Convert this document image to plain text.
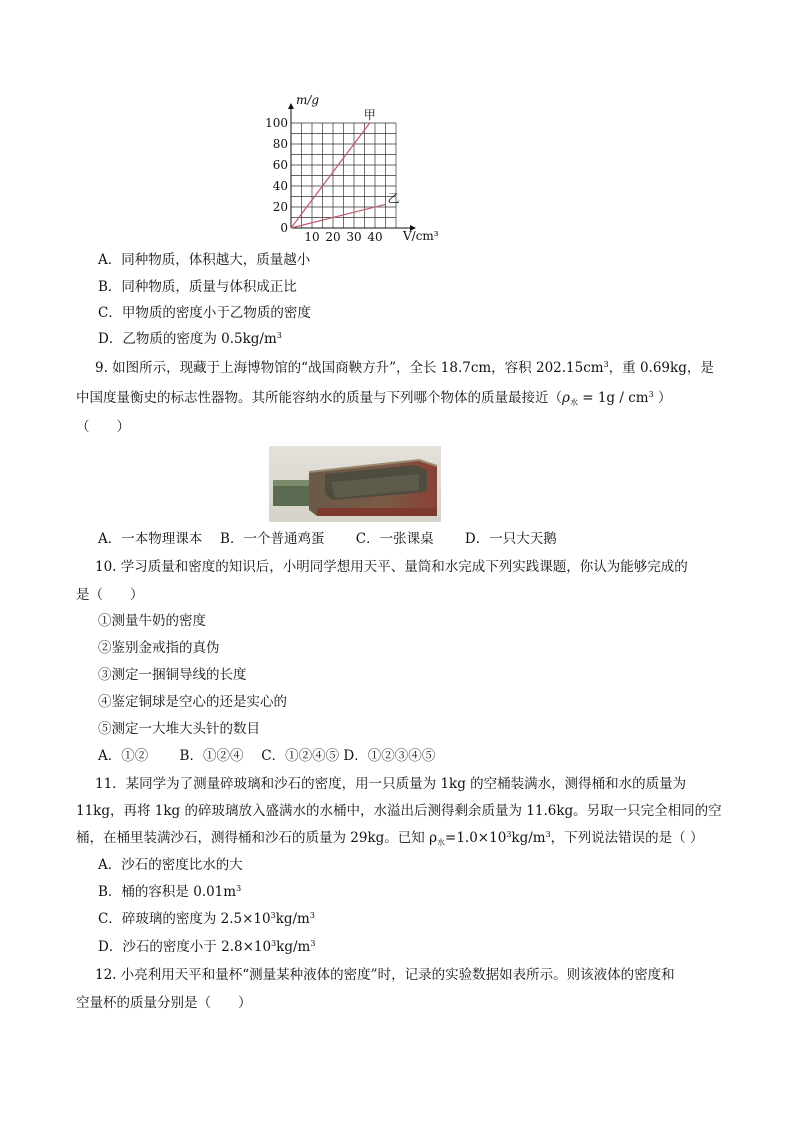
甲
乙
10 20 30 40
0
20
40
60
80
100
m/g
V/cm³
A．同种物质，体积越大，质量越小
B．同种物质，质量与体积成正比
C．甲物质的密度小于乙物质的密度
D．乙物质的密度为 $0.5kg/m^3$
9. 如图所示，现藏于上海博物馆的“战国商鞅方升”，全长 18.7cm，容积 $202.15cm^3$，重 0.69kg，是
中国度量衡史的标志性器物。其所能容纳水的质量与下列哪个物体的质量最接近（$\rho_水 = 1g / cm^3$ ）
（　　）
A．一本物理课本　 B．一个普通鸡蛋　　 C．一张课桌　　 D．一只大天鹅
10. 学习质量和密度的知识后，小明同学想用天平、量筒和水完成下列实践课题，你认为能够完成的
是（　　）
①测量牛奶的密度
②鉴别金戒指的真伪
③测定一捆铜导线的长度
④鉴定铜球是空心的还是实心的
⑤测定一大堆大头针的数目
A．①②　　 B．①②④　 C．①②④⑤ D．①②③④⑤
11．某同学为了测量碎玻璃和沙石的密度，用一只质量为 1kg 的空桶装满水，测得桶和水的质量为
11kg，再将 1kg 的碎玻璃放入盛满水的水桶中，水溢出后测得剩余质量为 11.6kg。另取一只完全相同的空
桶，在桶里装满沙石，测得桶和沙石的质量为 29kg。已知 $\rho_水=1.0\times 10^3kg/m^3$，下列说法错误的是（ ）
A．沙石的密度比水的大
B．桶的容积是 $0.01m^3$
C．碎玻璃的密度为 $2.5\times 10^3kg/m^3$
D．沙石的密度小于 $2.8\times 10^3kg/m^3$
12. 小亮利用天平和量杯“测量某种液体的密度”时，记录的实验数据如表所示。则该液体的密度和
空量杯的质量分别是（　　）
